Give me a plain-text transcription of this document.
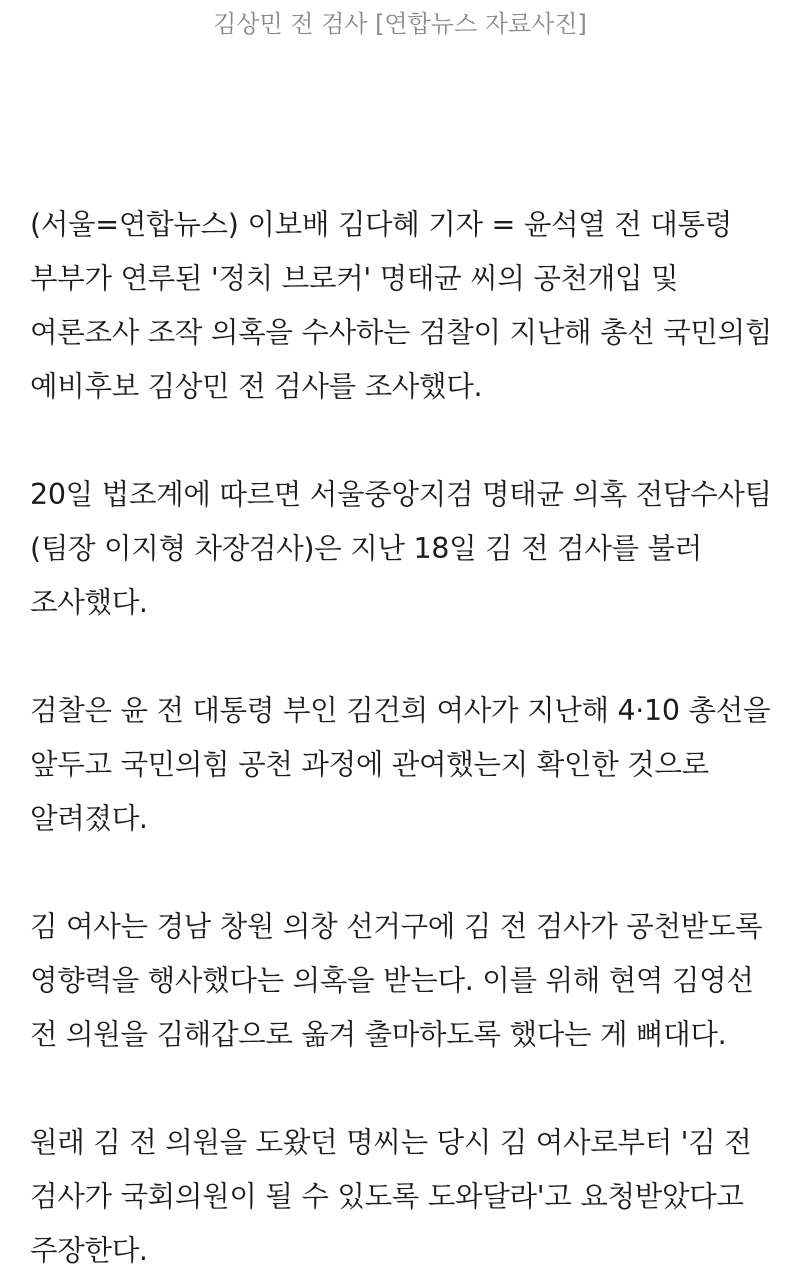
김상민 전 검사 [연합뉴스 자료사진]

(서울=연합뉴스) 이보배 김다혜 기자 = 윤석열 전 대통령 부부가 연루된 '정치 브로커' 명태균 씨의 공천개입 및 여론조사 조작 의혹을 수사하는 검찰이 지난해 총선 국민의힘 예비후보 김상민 전 검사를 조사했다.

20일 법조계에 따르면 서울중앙지검 명태균 의혹 전담수사팀(팀장 이지형 차장검사)은 지난 18일 김 전 검사를 불러 조사했다.

검찰은 윤 전 대통령 부인 김건희 여사가 지난해 4·10 총선을 앞두고 국민의힘 공천 과정에 관여했는지 확인한 것으로 알려졌다.

김 여사는 경남 창원 의창 선거구에 김 전 검사가 공천받도록 영향력을 행사했다는 의혹을 받는다. 이를 위해 현역 김영선 전 의원을 김해갑으로 옮겨 출마하도록 했다는 게 뼈대다.

원래 김 전 의원을 도왔던 명씨는 당시 김 여사로부터 '김 전 검사가 국회의원이 될 수 있도록 도와달라'고 요청받았다고 주장한다.
